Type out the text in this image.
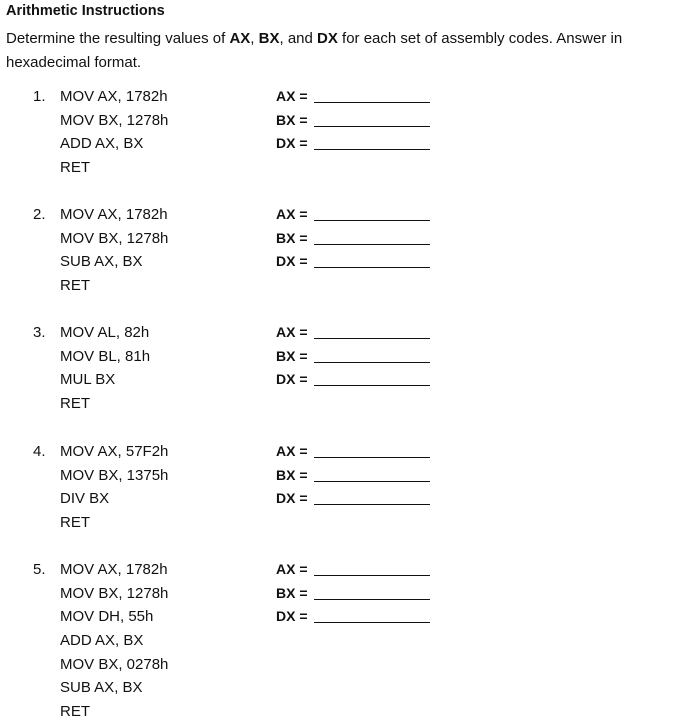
Arithmetic Instructions
Determine the resulting values of AX, BX, and DX for each set of assembly codes. Answer in hexadecimal format.
1. MOV AX, 1782h
MOV BX, 1278h
ADD AX, BX
RET
AX =
BX =
DX =
2. MOV AX, 1782h
MOV BX, 1278h
SUB AX, BX
RET
AX =
BX =
DX =
3. MOV AL, 82h
MOV BL, 81h
MUL BX
RET
AX =
BX =
DX =
4. MOV AX, 57F2h
MOV BX, 1375h
DIV BX
RET
AX =
BX =
DX =
5. MOV AX, 1782h
MOV BX, 1278h
MOV DH, 55h
ADD AX, BX
MOV BX, 0278h
SUB AX, BX
RET
AX =
BX =
DX =
